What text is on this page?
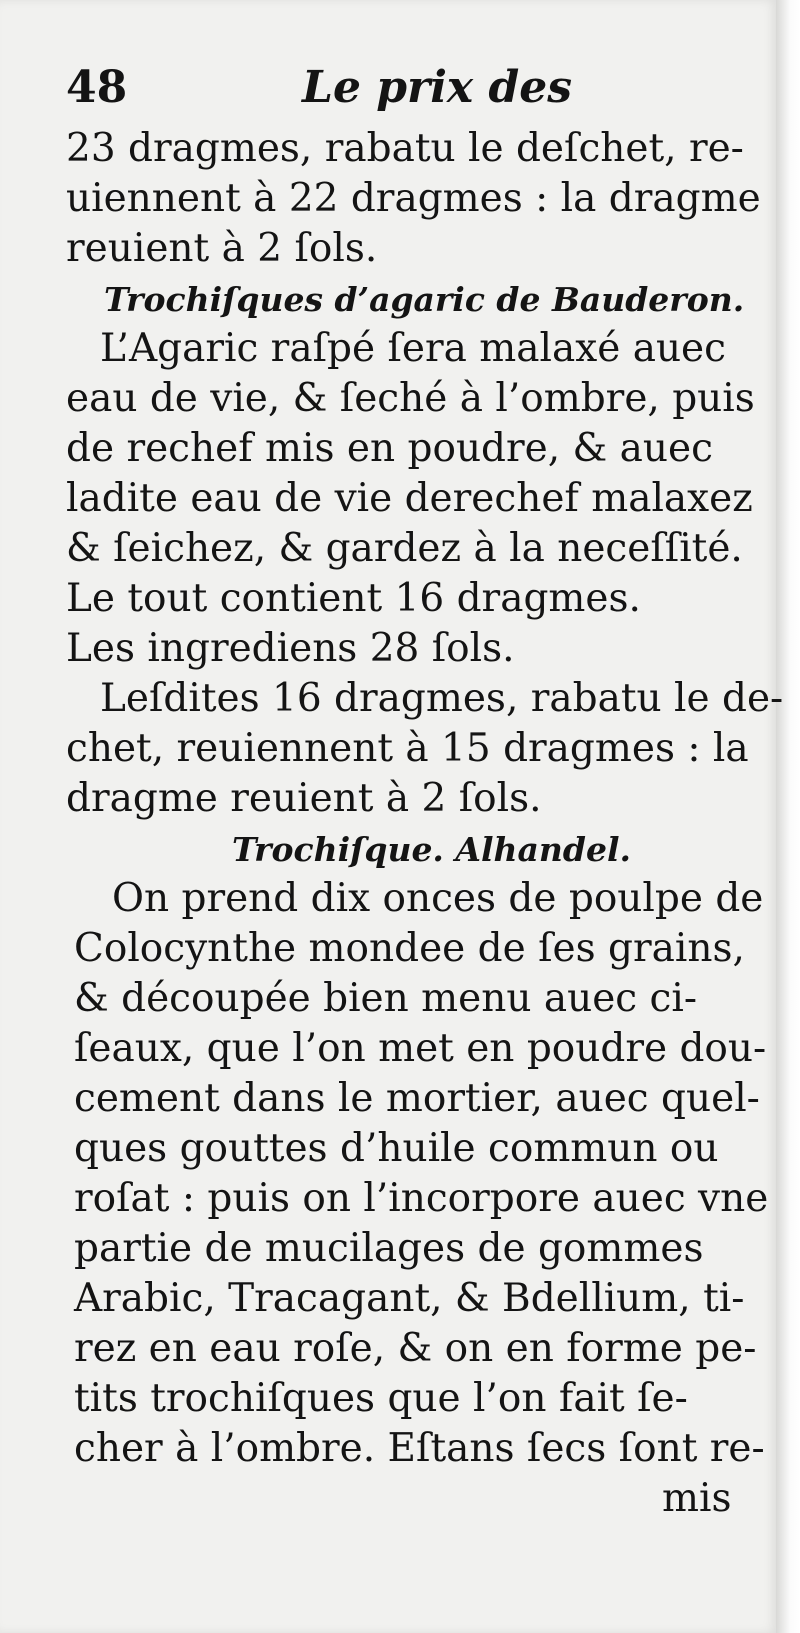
48	Le prix des
23 dragmes, rabatu le deſchet, re-
uiennent à 22 dragmes : la dragme
reuient à 2 ſols.
Trochiſques d’agaric de Bauderon.
L’Agaric raſpé ſera malaxé auec
eau de vie, & ſeché à l’ombre, puis
de rechef mis en poudre, & auec
ladite eau de vie derechef malaxez
& ſeichez, & gardez à la neceſſité.
Le tout contient 16 dragmes.
Les ingrediens 28 ſols.
Leſdites 16 dragmes, rabatu le de-
chet, reuiennent à 15 dragmes : la
dragme reuient à 2 ſols.
Trochiſque. Alhandel.
On prend dix onces de poulpe de
Colocynthe mondee de ſes grains,
& découpée bien menu auec ci-
ſeaux, que l’on met en poudre dou-
cement dans le mortier, auec quel-
ques gouttes d’huile commun ou
roſat : puis on l’incorpore auec vne
partie de mucilages de gommes
Arabic, Tracagant, & Bdellium, ti-
rez en eau roſe, & on en forme pe-
tits trochiſques que l’on fait ſe-
cher à l’ombre. Eſtans ſecs ſont re-
mis
